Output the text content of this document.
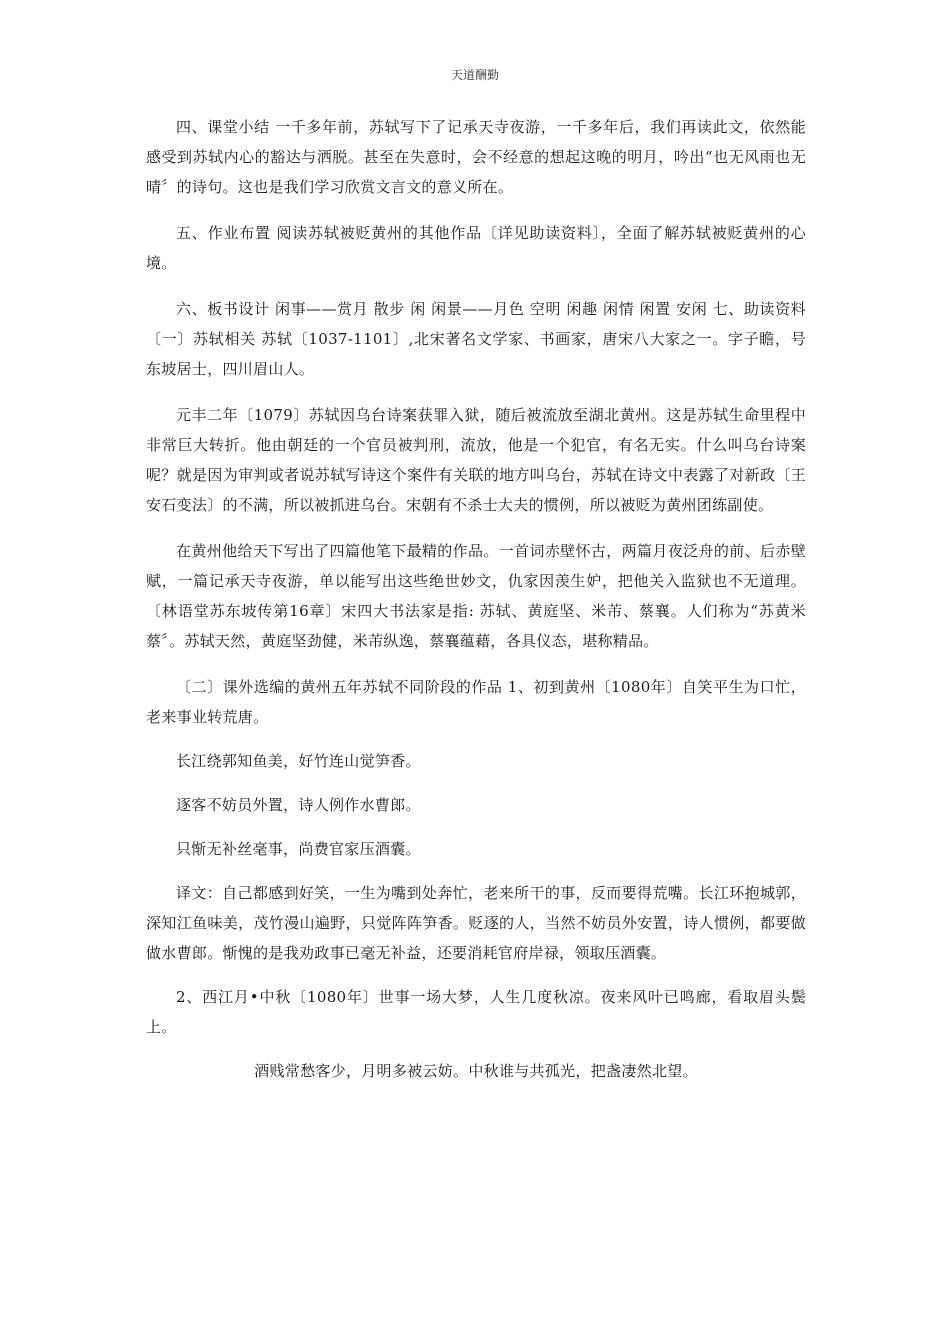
天道酬勤

四、课堂小结 一千多年前，苏轼写下了记承天寺夜游，一千多年后，我们再读此文，依然能感受到苏轼内心的豁达与洒脱。甚至在失意时，会不经意的想起这晚的明月，吟出“也无风雨也无晴〞的诗句。这也是我们学习欣赏文言文的意义所在。

五、作业布置 阅读苏轼被贬黄州的其他作品〔详见助读资料〕，全面了解苏轼被贬黄州的心境。

六、板书设计 闲事——赏月 散步 闲 闲景——月色 空明 闲趣 闲情 闲置 安闲 七、助读资料 〔一〕苏轼相关 苏轼〔1037-1101〕,北宋著名文学家、书画家，唐宋八大家之一。字子瞻，号东坡居士，四川眉山人。

元丰二年〔1079〕苏轼因乌台诗案获罪入狱，随后被流放至湖北黄州。这是苏轼生命里程中非常巨大转折。他由朝廷的一个官员被判刑，流放，他是一个犯官，有名无实。什么叫乌台诗案呢？就是因为审判或者说苏轼写诗这个案件有关联的地方叫乌台，苏轼在诗文中表露了对新政〔王安石变法〕的不满，所以被抓进乌台。宋朝有不杀士大夫的惯例，所以被贬为黄州团练副使。

在黄州他给天下写出了四篇他笔下最精的作品。一首词赤壁怀古，两篇月夜泛舟的前、后赤壁赋，一篇记承天寺夜游，单以能写出这些绝世妙文，仇家因羡生妒，把他关入监狱也不无道理。〔林语堂苏东坡传第16章〕宋四大书法家是指: 苏轼、黄庭坚、米芾、蔡襄。人们称为“苏黄米蔡〞。苏轼天然，黄庭坚劲健，米芾纵逸，蔡襄蕴藉，各具仪态，堪称精品。

〔二〕课外选编的黄州五年苏轼不同阶段的作品 1、初到黄州〔1080年〕自笑平生为口忙，老来事业转荒唐。

长江绕郭知鱼美，好竹连山觉笋香。

逐客不妨员外置，诗人例作水曹郎。

只惭无补丝毫事，尚费官家压酒囊。

译文：自己都感到好笑，一生为嘴到处奔忙，老来所干的事，反而要得荒嘴。长江环抱城郭，深知江鱼味美，茂竹漫山遍野，只觉阵阵笋香。贬逐的人，当然不妨员外安置，诗人惯例，都要做做水曹郎。惭愧的是我劝政事已毫无补益，还要消耗官府岸禄，领取压酒囊。

2、西江月•中秋〔1080年〕世事一场大梦，人生几度秋凉。夜来风叶已鸣廊，看取眉头鬓上。

酒贱常愁客少，月明多被云妨。中秋谁与共孤光，把盏凄然北望。
